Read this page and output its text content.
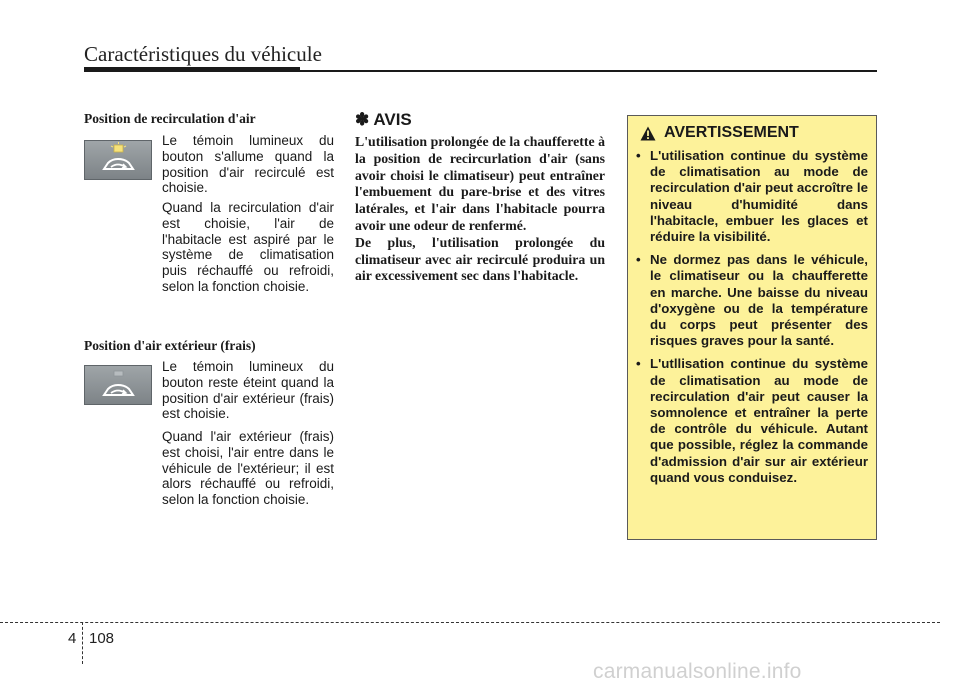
Caractéristiques du véhicule
Position de recirculation d'air

Le témoin lumineux du bouton s'allume quand la position d'air recirculé est choisie.

Quand la recirculation d'air est choisie, l'air de l'habitacle est aspiré par le système de climatisation puis réchauffé ou refroidi, selon la fonction choisie.

Position d'air extérieur (frais)

Le témoin lumineux du bouton reste éteint quand la position d'air extérieur (frais) est choisie.

Quand l'air extérieur (frais) est choisi, l'air entre dans le véhicule de l'extérieur; il est alors réchauffé ou refroidi, selon la fonction choisie.

✽ AVIS

L'utilisation prolongée de la chaufferette à la position de recircurlation d'air (sans avoir choisi le climatiseur) peut entraîner l'embuement du pare-brise et des vitres latérales, et l'air dans l'habitacle pourra avoir une odeur de renfermé.
De plus, l'utilisation prolongée du climatiseur avec air recirculé produira un air excessivement sec dans l'habitacle.

AVERTISSEMENT
• L'utilisation continue du système de climatisation au mode de recirculation d'air peut accroître le niveau d'humidité dans l'habitacle, embuer les glaces et réduire la visibilité.
• Ne dormez pas dans le véhicule, le climatiseur ou la chaufferette en marche. Une baisse du niveau d'oxygène ou de la température du corps peut présenter des risques graves pour la santé.
• L'utllisation continue du système de climatisation au mode de recirculation d'air peut causer la somnolence et entraîner la perte de contrôle du véhicule. Autant que possible, réglez la commande d'admission d'air sur air extérieur quand vous conduisez.
4 108
carmanualsonline.info
